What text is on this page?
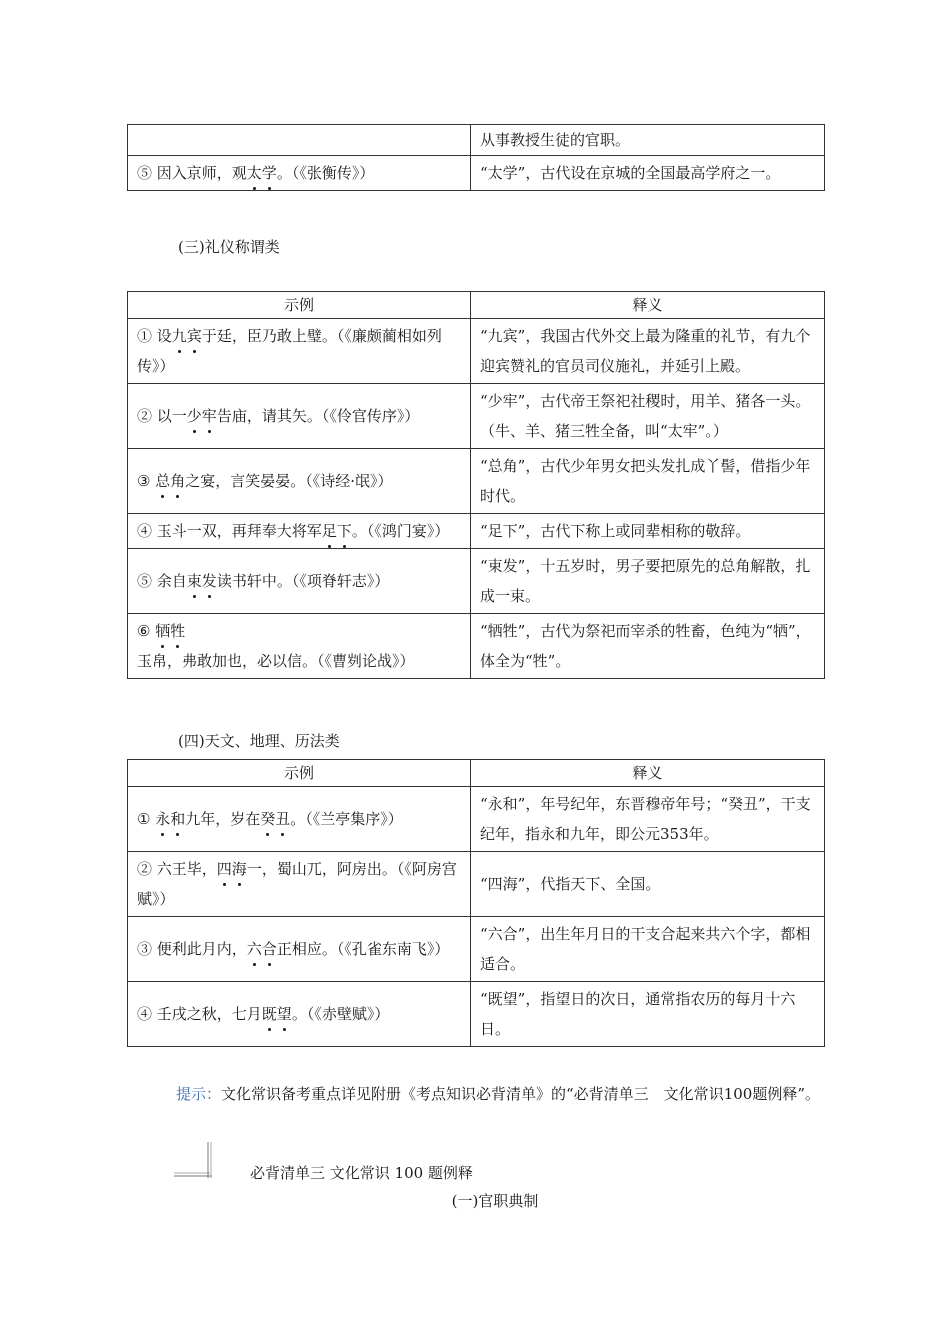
	从事教授生徒的官职。
⑤ 因入京师，观太学。（《张衡传》）	“太学”，古代设在京城的全国最高学府之一。
(三)礼仪称谓类
示例	释义
① 设九宾于廷，臣乃敢上璧。（《廉颇蔺相如列传》）	“九宾”，我国古代外交上最为隆重的礼节，有九个迎宾赞礼的官员司仪施礼，并延引上殿。
② 以一少牢告庙，请其矢。（《伶官传序》）	“少牢”，古代帝王祭祀社稷时，用羊、猪各一头。（牛、羊、猪三牲全备，叫“太牢”。）
③ 总角之宴，言笑晏晏。（《诗经·氓》）	“总角”，古代少年男女把头发扎成丫髻，借指少年时代。
④ 玉斗一双，再拜奉大将军足下。（《鸿门宴》）	“足下”，古代下称上或同辈相称的敬辞。
⑤ 余自束发读书轩中。（《项脊轩志》）	“束发”，十五岁时，男子要把原先的总角解散，扎成一束。
⑥ 牺牲玉帛，弗敢加也，必以信。（《曹刿论战》）	“牺牲”，古代为祭祀而宰杀的牲畜，色纯为“牺”，体全为“牲”。
(四)天文、地理、历法类
示例	释义
① 永和九年，岁在癸丑。（《兰亭集序》）	“永和”，年号纪年，东晋穆帝年号；“癸丑”，干支纪年，指永和九年，即公元353年。
② 六王毕，四海一，蜀山兀，阿房出。（《阿房宫赋》）	“四海”，代指天下、全国。
③ 便利此月内，六合正相应。（《孔雀东南飞》）	“六合”，出生年月日的干支合起来共六个字，都相适合。
④ 壬戌之秋，七月既望。（《赤壁赋》）	“既望”，指望日的次日，通常指农历的每月十六日。
提示：文化常识备考重点详见附册《考点知识必背清单》的“必背清单三　文化常识100题例释”。
必背清单三 文化常识 100 题例释
(一)官职典制
